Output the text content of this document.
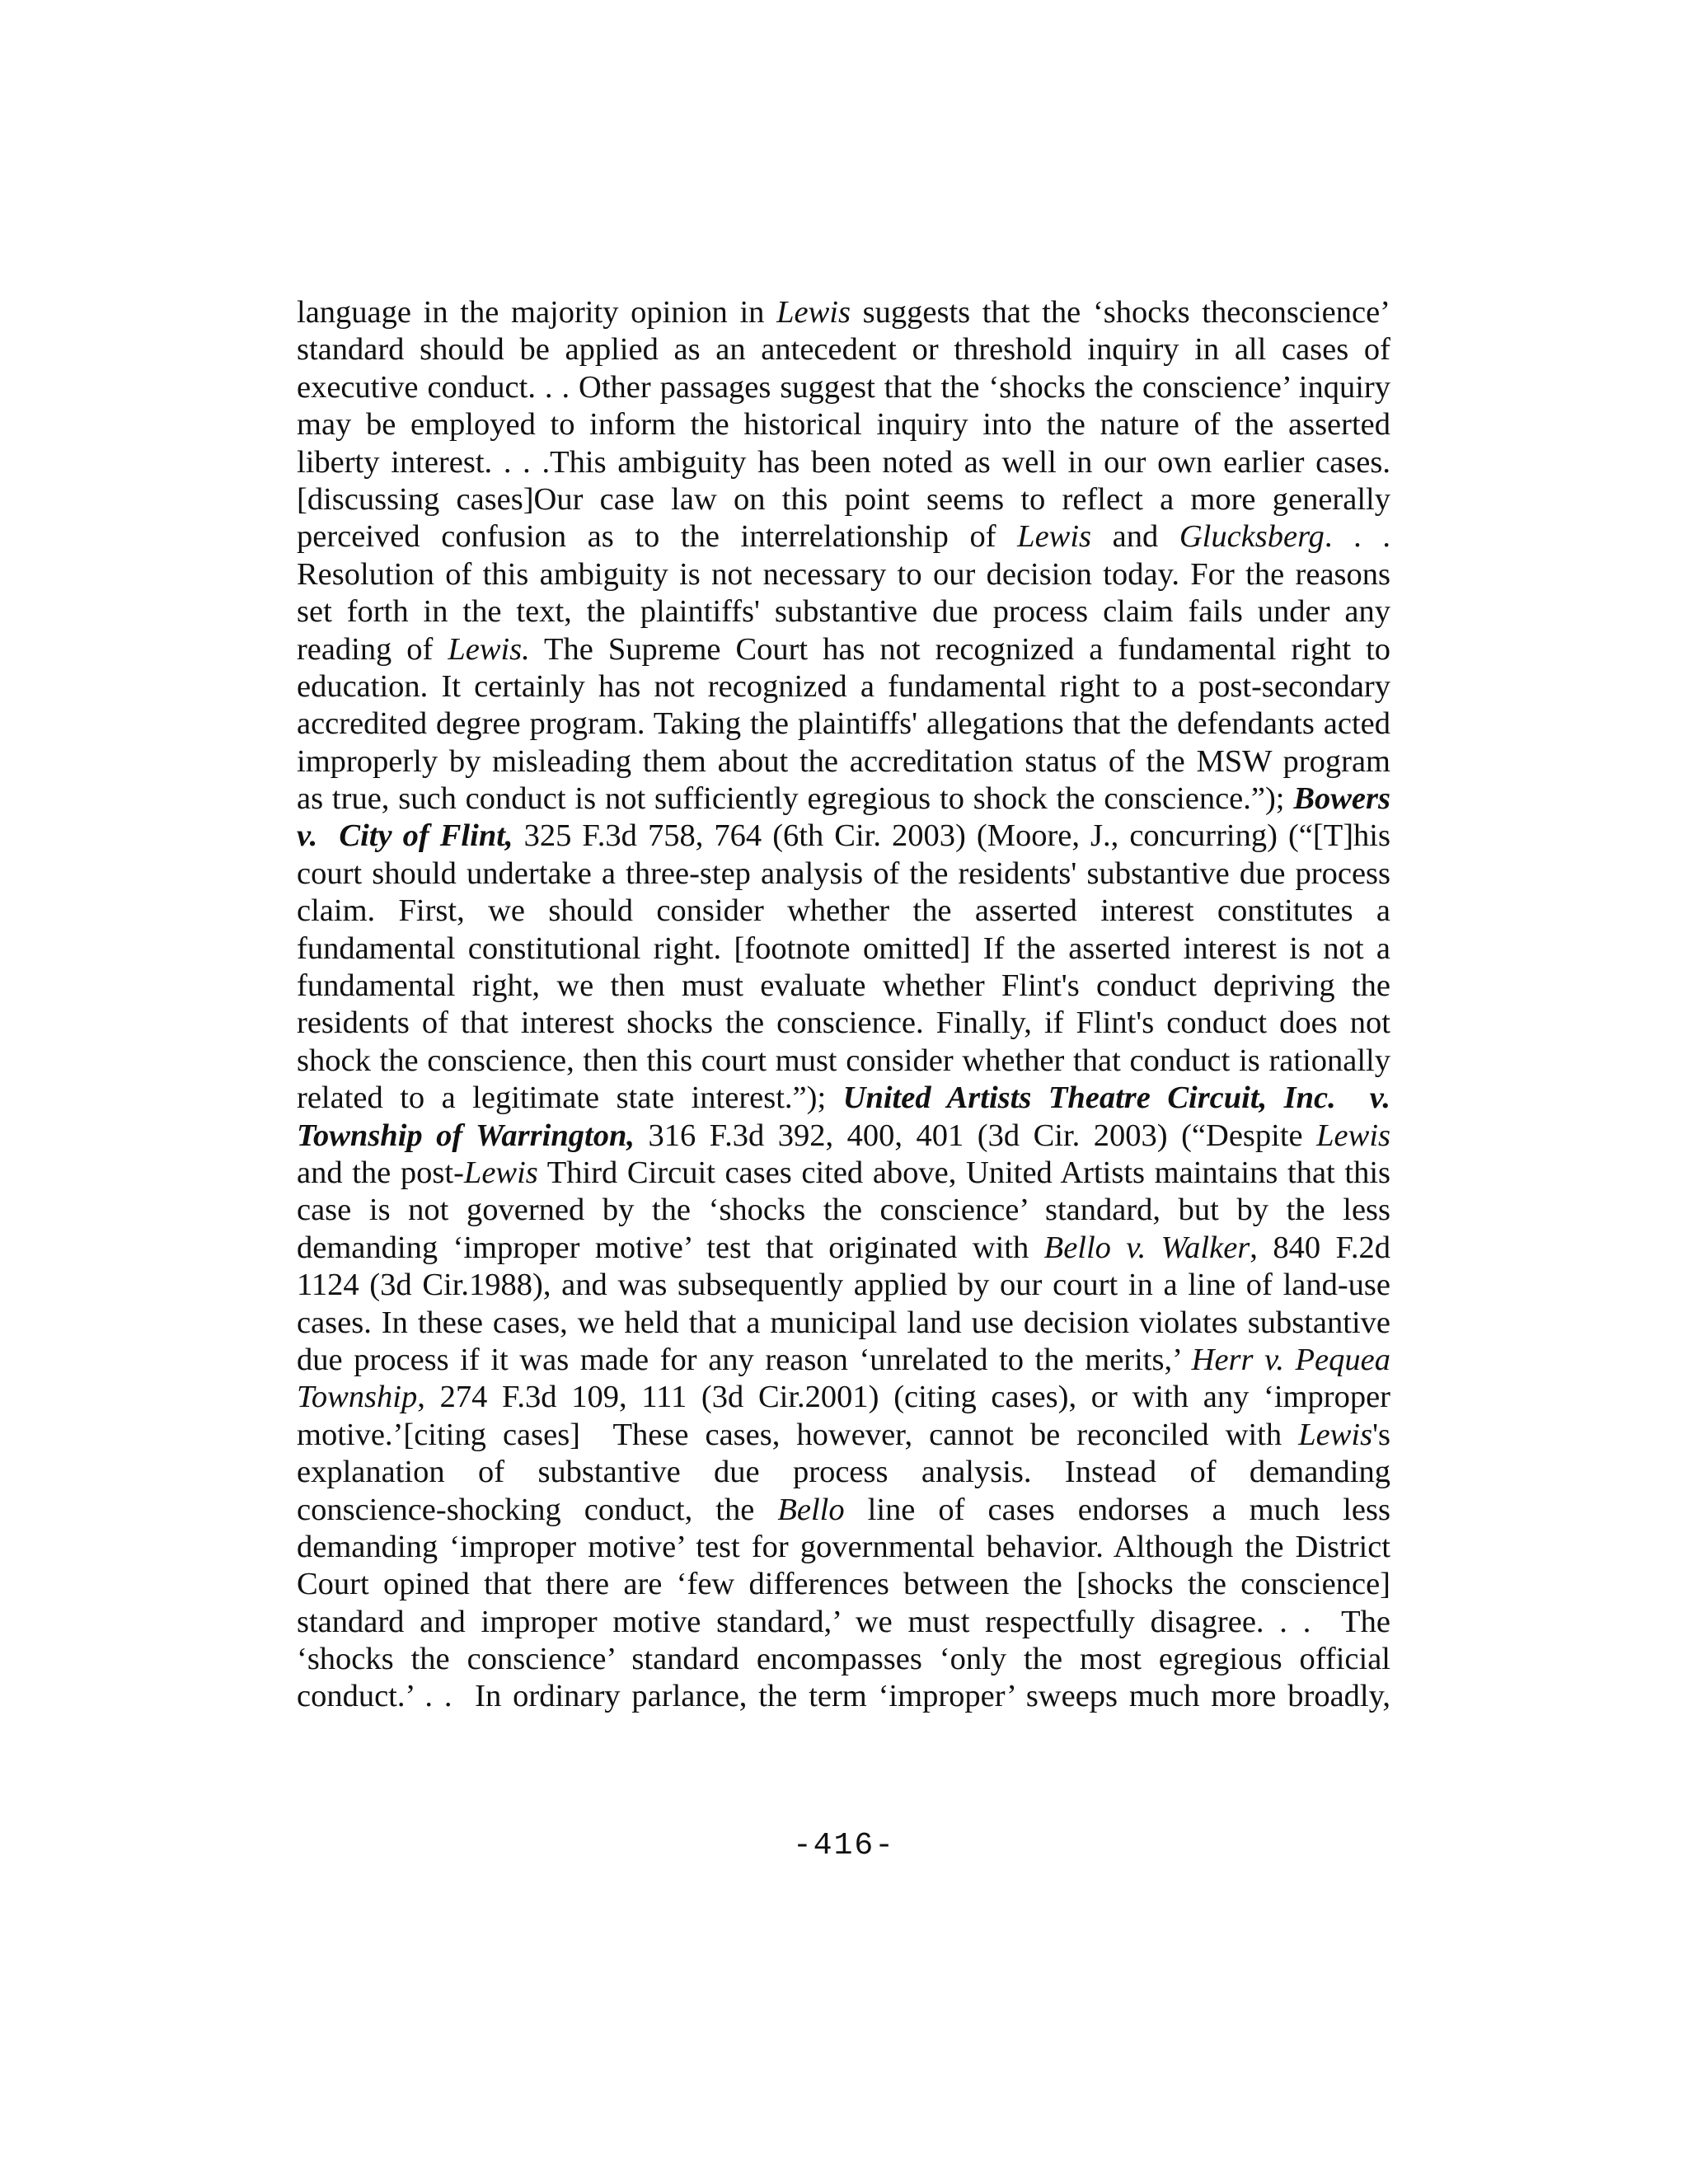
language in the majority opinion in Lewis suggests that the ‘shocks theconscience’
standard should be applied as an antecedent or threshold inquiry in all cases of
executive conduct. . . Other passages suggest that the ‘shocks the conscience’ inquiry
may be employed to inform the historical inquiry into the nature of the asserted
liberty interest. . . .This ambiguity has been noted as well in our own earlier cases.
[discussing cases]Our case law on this point seems to reflect a more generally
perceived confusion as to the interrelationship of Lewis and Glucksberg. . .
Resolution of this ambiguity is not necessary to our decision today. For the reasons
set forth in the text, the plaintiffs' substantive due process claim fails under any
reading of Lewis. The Supreme Court has not recognized a fundamental right to
education. It certainly has not recognized a fundamental right to a post-secondary
accredited degree program. Taking the plaintiffs' allegations that the defendants acted
improperly by misleading them about the accreditation status of the MSW program
as true, such conduct is not sufficiently egregious to shock the conscience.”); Bowers
v.  City of Flint, 325 F.3d 758, 764 (6th Cir. 2003) (Moore, J., concurring) (“[T]his
court should undertake a three-step analysis of the residents' substantive due process
claim. First, we should consider whether the asserted interest constitutes a
fundamental constitutional right. [footnote omitted] If the asserted interest is not a
fundamental right, we then must evaluate whether Flint's conduct depriving the
residents of that interest shocks the conscience. Finally, if Flint's conduct does not
shock the conscience, then this court must consider whether that conduct is rationally
related to a legitimate state interest.”); United Artists Theatre Circuit, Inc.  v.
Township of Warrington, 316 F.3d 392, 400, 401 (3d Cir. 2003) (“Despite Lewis
and the post-Lewis Third Circuit cases cited above, United Artists maintains that this
case is not governed by the ‘shocks the conscience’ standard, but by the less
demanding ‘improper motive’ test that originated with Bello v. Walker, 840 F.2d
1124 (3d Cir.1988), and was subsequently applied by our court in a line of land-use
cases. In these cases, we held that a municipal land use decision violates substantive
due process if it was made for any reason ‘unrelated to the merits,’ Herr v. Pequea
Township, 274 F.3d 109, 111 (3d Cir.2001) (citing cases), or with any ‘improper
motive.’[citing cases]  These cases, however, cannot be reconciled with Lewis's
explanation of substantive due process analysis. Instead of demanding
conscience-shocking conduct, the Bello line of cases endorses a much less
demanding ‘improper motive’ test for governmental behavior. Although the District
Court opined that there are ‘few differences between the [shocks the conscience]
standard and improper motive standard,’ we must respectfully disagree. . .  The
‘shocks the conscience’ standard encompasses ‘only the most egregious official
conduct.’ . .  In ordinary parlance, the term ‘improper’ sweeps much more broadly,
-416-
